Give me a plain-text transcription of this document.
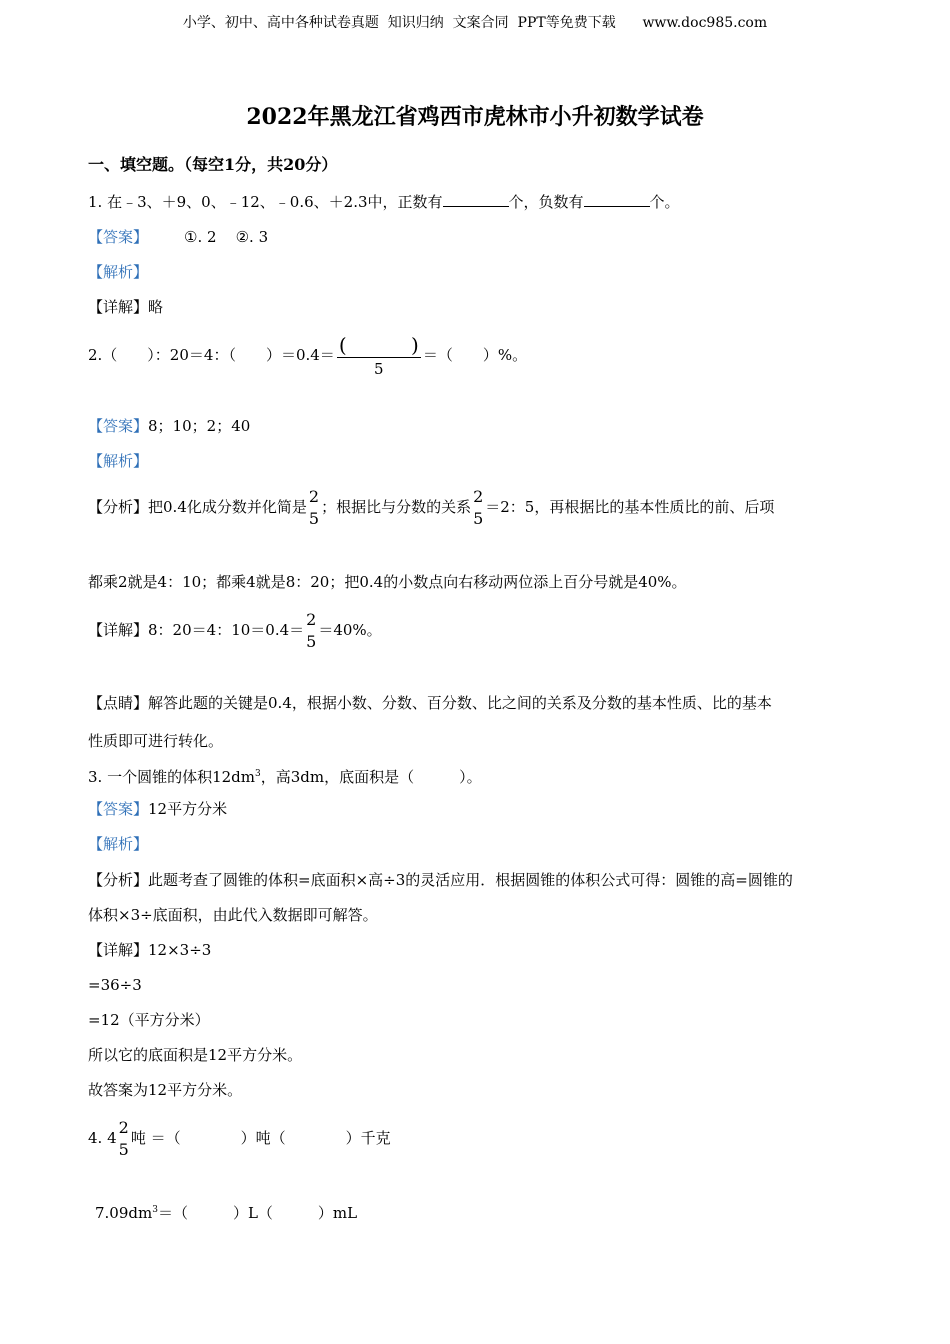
小学、初中、高中各种试卷真题  知识归纳  文案合同  PPT等免费下载      www.doc985.com
2022年黑龙江省鸡西市虎林市小升初数学试卷
一、填空题。（每空1分，共20分）
1. 在﹣3、＋9、0、﹣12、﹣0.6、＋2.3中，正数有	个，负数有	个。
【答案】 ①. 2    ②. 3
【解析】
【详解】略
2.（　　）：20＝4：（　　）＝0.4＝ (	)
5 ＝（　　）%。
【答案】8；10；2；40
【解析】
【分析】把0.4化成分数并化简是
2
5
；根据比与分数的关系
2
5
＝2：5，再根据比的基本性质比的前、后项
都乘2就是4：10；都乘4就是8：20；把0.4的小数点向右移动两位添上百分号就是40%。
【详解】8：20＝4：10＝0.4＝
2
5
＝40%。
【点睛】解答此题的关键是0.4，根据小数、分数、百分数、比之间的关系及分数的基本性质、比的基本
性质即可进行转化。
3. 一个圆锥的体积$12dm^3$，高3dm，底面积是（　　　）。
【答案】12平方分米
【解析】
【分析】此题考查了圆锥的体积=底面积×高÷3的灵活应用．根据圆锥的体积公式可得：圆锥的高=圆锥的
体积×3÷底面积，由此代入数据即可解答。
【详解】12×3÷3
=36÷3
=12（平方分米）
所以它的底面积是12平方分米。
故答案为12平方分米。
4. 4
2
5
吨 ＝（　　　　）吨（　　　　）千克
$7.09dm^3=$（　　　）L（　　　）mL
